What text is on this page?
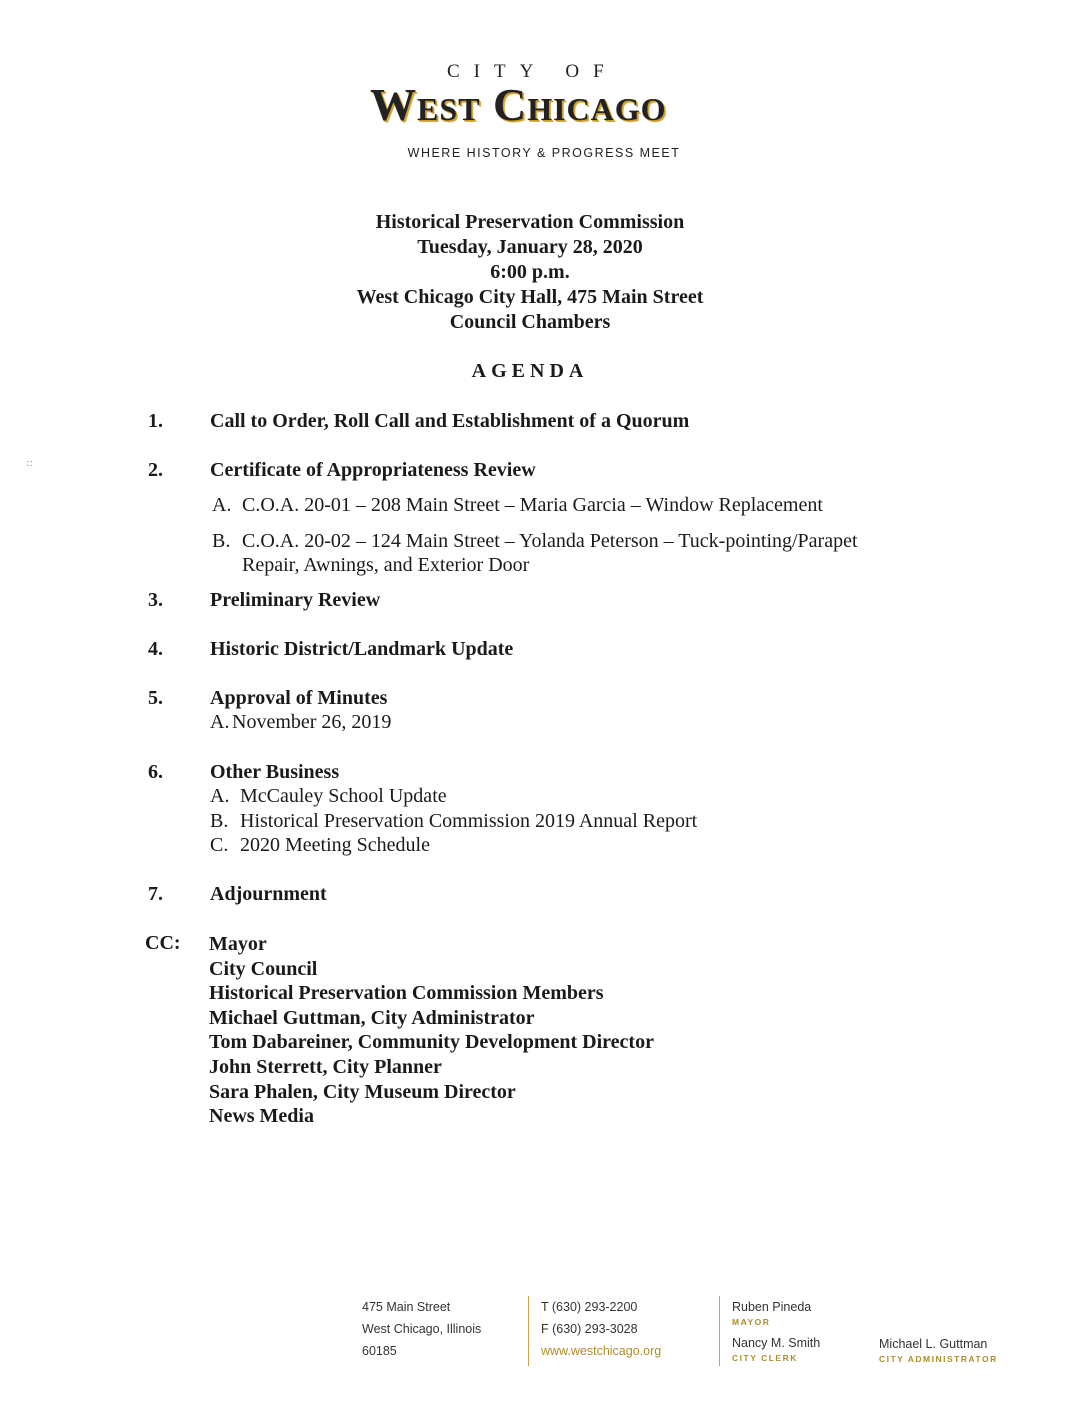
CITY OF
West Chicago
WHERE HISTORY & PROGRESS MEET
Historical Preservation Commission
Tuesday, January 28, 2020
6:00 p.m.
West Chicago City Hall, 475 Main Street
Council Chambers
AGENDA
::
1. Call to Order, Roll Call and Establishment of a Quorum
2. Certificate of Appropriateness Review
A. C.O.A. 20-01 – 208 Main Street – Maria Garcia – Window Replacement
B. C.O.A. 20-02 – 124 Main Street – Yolanda Peterson – Tuck-pointing/Parapet
Repair, Awnings, and Exterior Door
3. Preliminary Review
4. Historic District/Landmark Update
5. Approval of Minutes
A. November 26, 2019
6. Other Business
A. McCauley School Update
B. Historical Preservation Commission 2019 Annual Report
C. 2020 Meeting Schedule
7. Adjournment
CC: Mayor
City Council
Historical Preservation Commission Members
Michael Guttman, City Administrator
Tom Dabareiner, Community Development Director
John Sterrett, City Planner
Sara Phalen, City Museum Director
News Media
475 Main Street
West Chicago, Illinois
60185
T (630) 293-2200
F (630) 293-3028
www.westchicago.org
Ruben Pineda
MAYOR
Nancy M. Smith
CITY CLERK
Michael L. Guttman
CITY ADMINISTRATOR
